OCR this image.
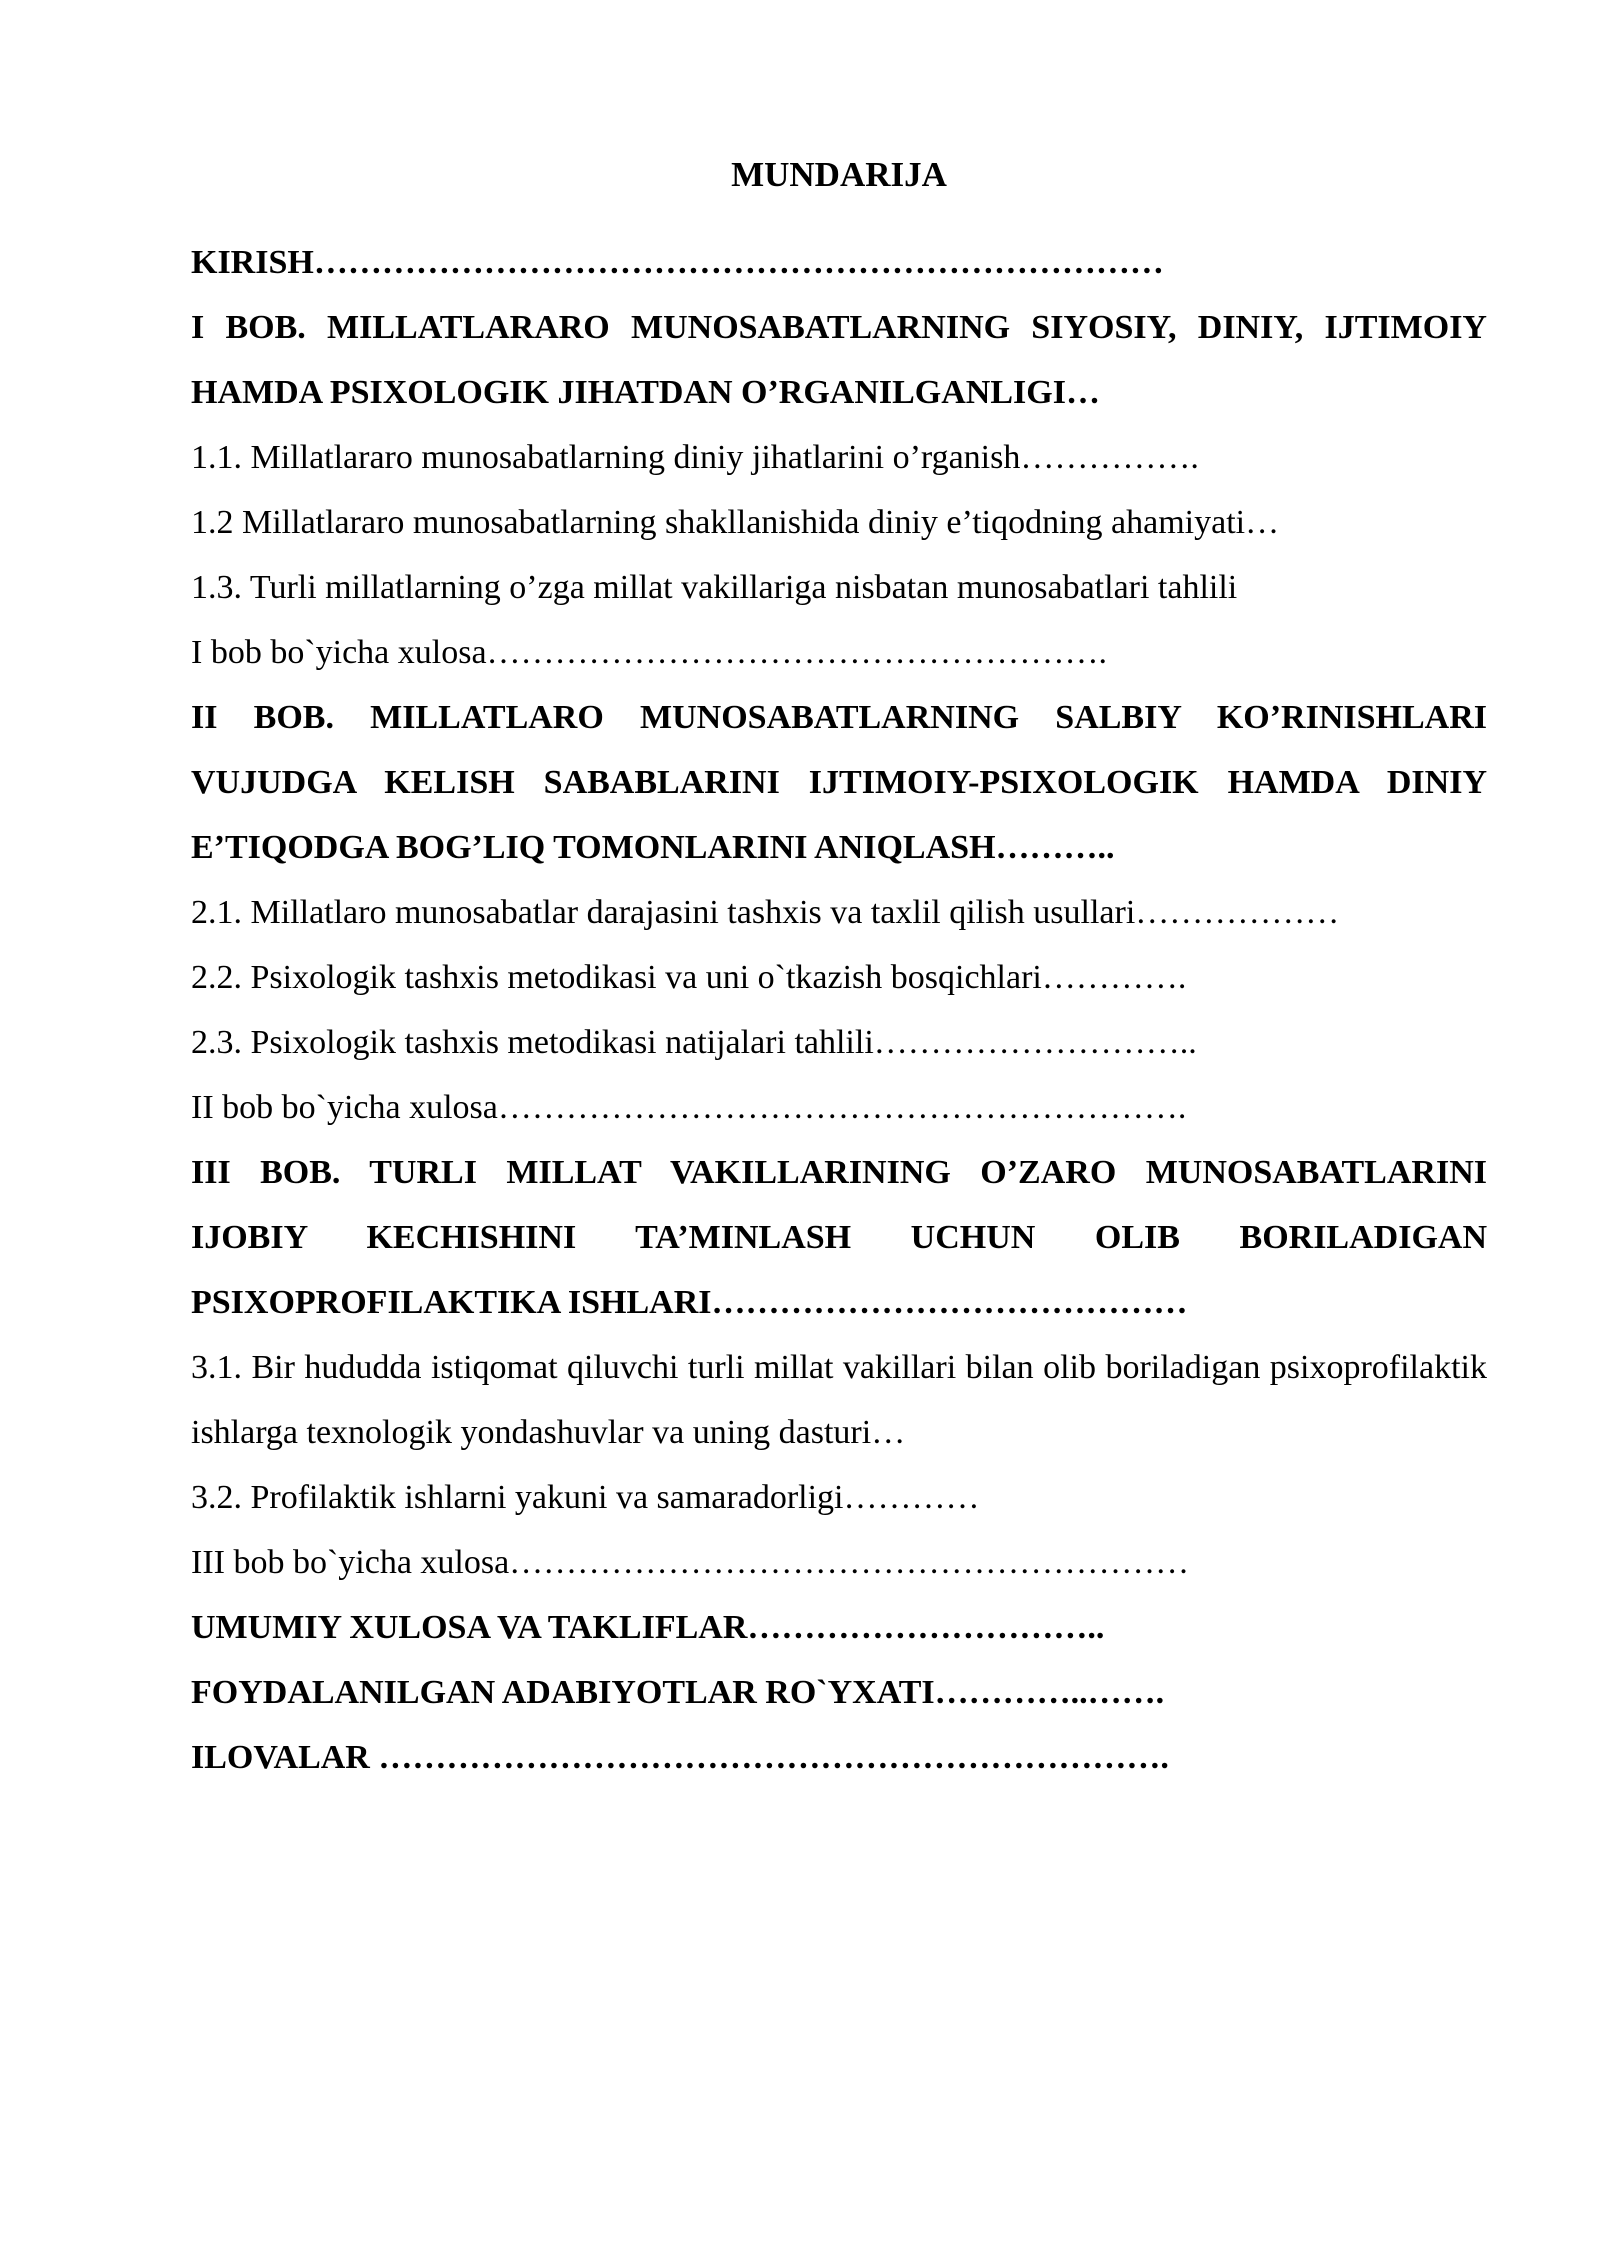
MUNDARIJA
KIRISH…………………………………………………………………
I BOB. MILLATLARARO MUNOSABATLARNING SIYOSIY, DINIY, IJTIMOIY HAMDA PSIXOLOGIK JIHATDAN O’RGANILGANLIGI…
1.1. Millatlararo munosabatlarning diniy jihatlarini o’rganish…………….
1.2 Millatlararo munosabatlarning shakllanishida diniy e’tiqodning ahamiyati…
1.3. Turli millatlarning o’zga millat vakillariga nisbatan munosabatlari tahlili
I bob bo`yicha xulosa……………………………………………….
II BOB. MILLATLARO MUNOSABATLARNING SALBIY KO’RINISHLARI VUJUDGA KELISH SABABLARINI IJTIMOIY-PSIXOLOGIK HAMDA DINIY E’TIQODGA BOG’LIQ TOMONLARINI ANIQLASH………..
2.1. Millatlaro munosabatlar darajasini tashxis va taxlil qilish usullari………………
2.2. Psixologik tashxis metodikasi va uni o`tkazish bosqichlari………….
2.3. Psixologik tashxis metodikasi natijalari tahlili………………………..
II bob bo`yicha xulosa…………………………………………………….
III BOB. TURLI MILLAT VAKILLARINING O’ZARO MUNOSABATLARINI IJOBIY KECHISHINI TA’MINLASH UCHUN OLIB BORILADIGAN PSIXOPROFILAKTIKA ISHLARI……………………………………
3.1. Bir hududda istiqomat qiluvchi turli millat vakillari bilan olib boriladigan psixoprofilaktik ishlarga texnologik yondashuvlar va uning dasturi…
3.2. Profilaktik ishlarni yakuni va samaradorligi…………
III bob bo`yicha xulosa……………………………………………………
UMUMIY XULOSA VA TAKLIFLAR…………………………..
FOYDALANILGAN ADABIYOTLAR RO`YXATI…………..…….
ILOVALAR …………………………………………………………….
